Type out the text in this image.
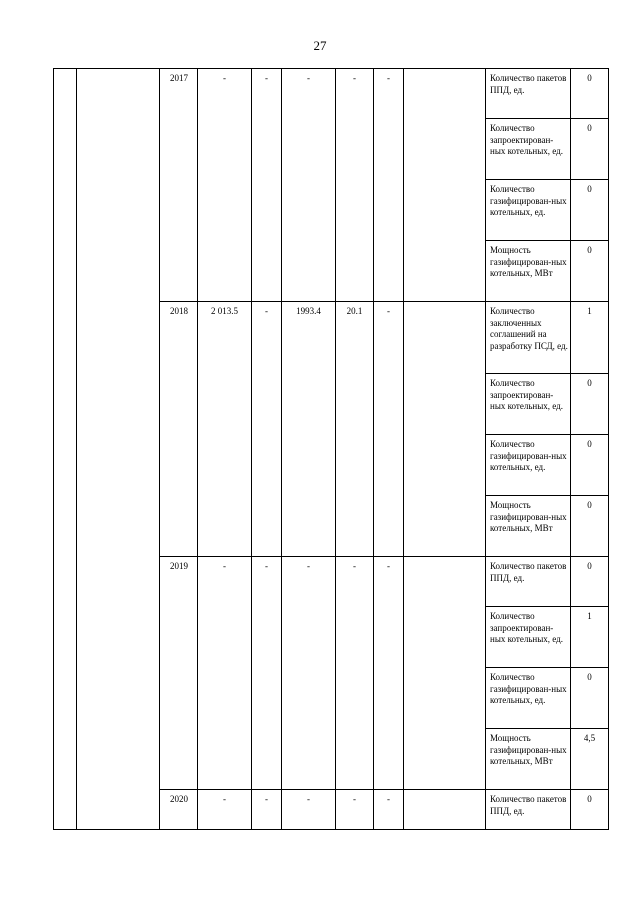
27
		2017	-	-	-	-	-		Количество пакетов ППД, ед.	0
									Количество запроектирован-ных котельных, ед.	0
									Количество газифицирован-ных котельных, ед.	0
									Мощность газифицирован-ных котельных, МВт	0
		2018	2 013.5	-	1993.4	20.1	-		Количество заключенных соглашений на разработку ПСД, ед.	1
									Количество запроектирован-ных котельных, ед.	0
									Количество газифицирован-ных котельных, ед.	0
									Мощность газифицирован-ных котельных, МВт	0
		2019	-	-	-	-	-		Количество пакетов ППД, ед.	0
									Количество запроектирован-ных котельных, ед.	1
									Количество газифицирован-ных котельных, ед.	0
									Мощность газифицирован-ных котельных, МВт	4,5
		2020	-	-	-	-	-		Количество пакетов ППД, ед.	0
